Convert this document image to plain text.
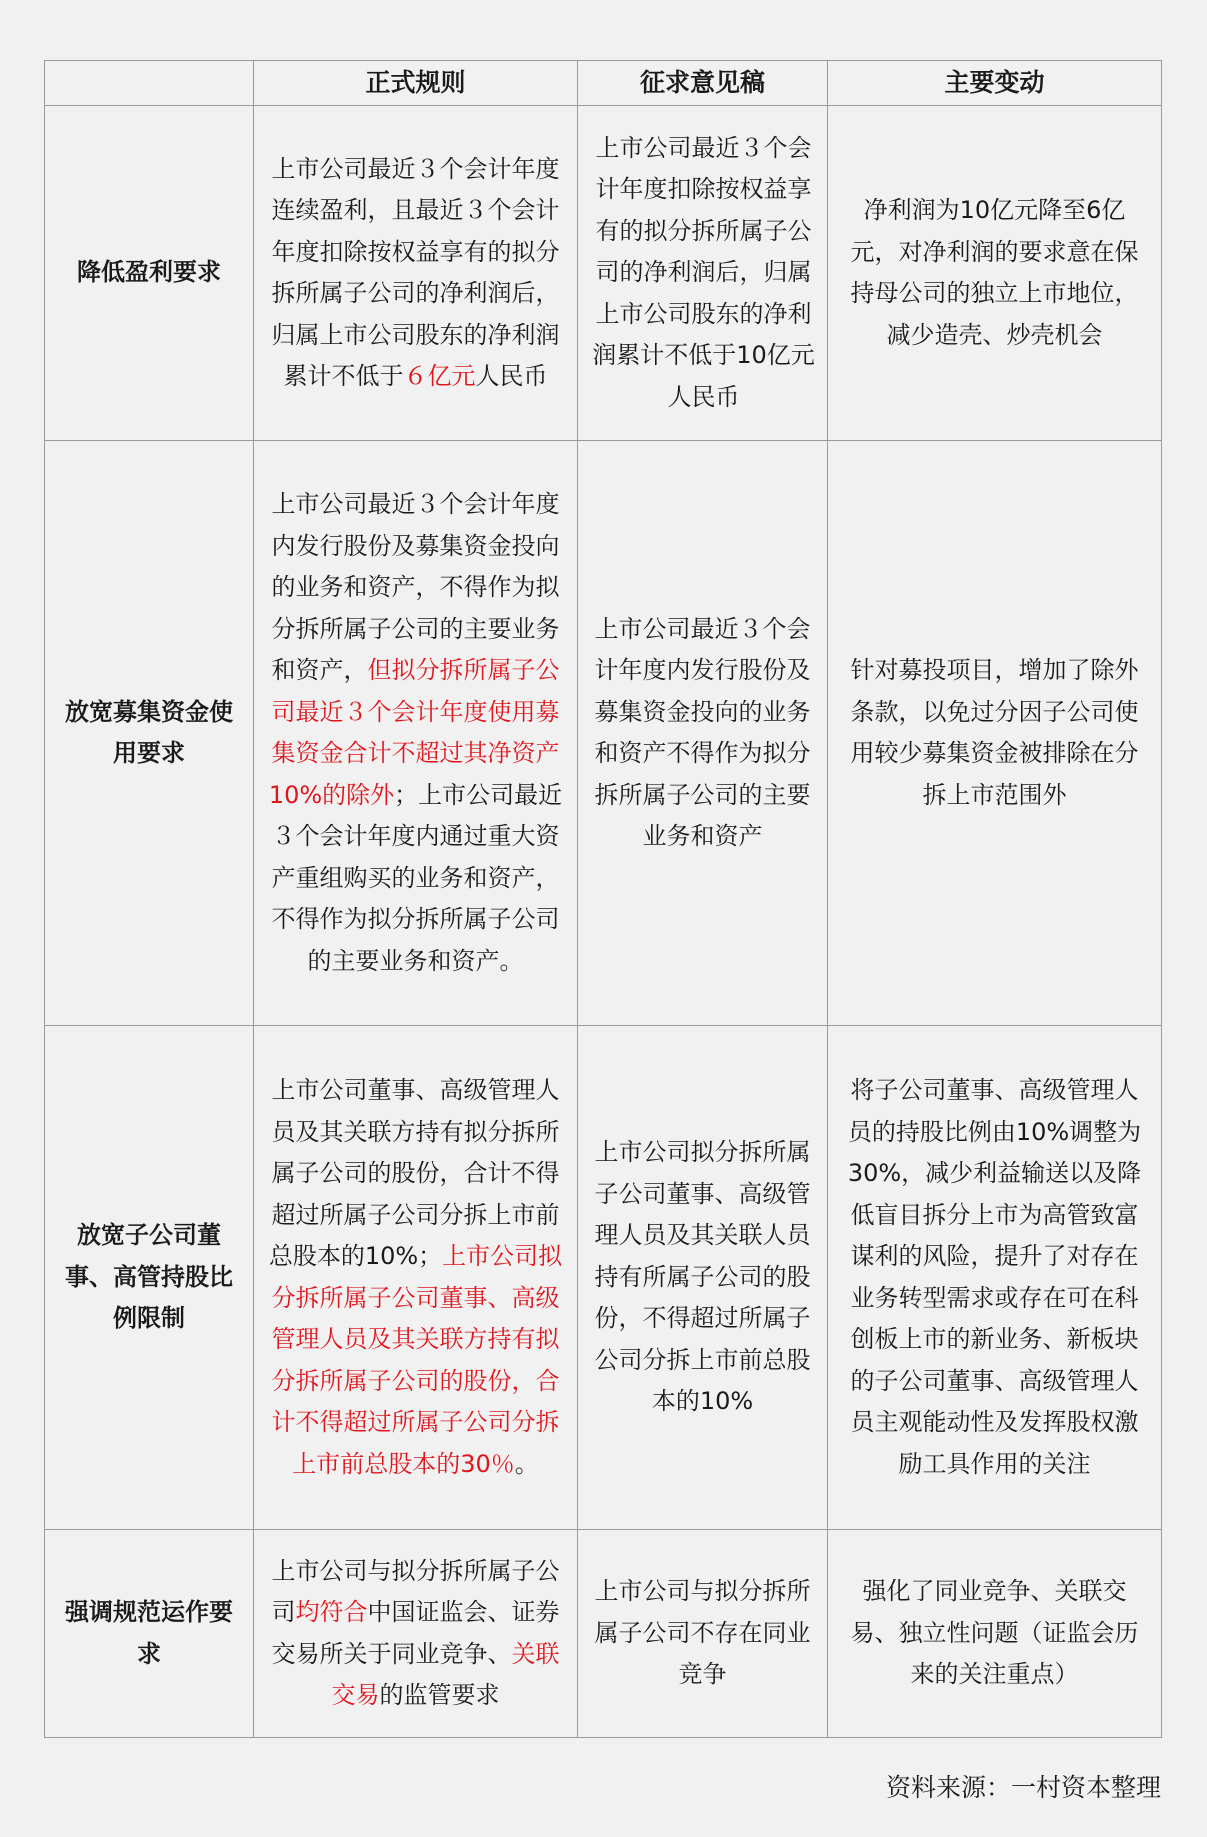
	正式规则	征求意见稿	主要变动
降低盈利要求	上市公司最近３个会计年度连续盈利，且最近３个会计年度扣除按权益享有的拟分拆所属子公司的净利润后，归属上市公司股东的净利润累计不低于６亿元人民币	上市公司最近３个会计年度扣除按权益享有的拟分拆所属子公司的净利润后，归属上市公司股东的净利润累计不低于10亿元人民币	净利润为10亿元降至6亿元，对净利润的要求意在保持母公司的独立上市地位，减少造壳、炒壳机会
放宽募集资金使用要求	上市公司最近３个会计年度内发行股份及募集资金投向的业务和资产，不得作为拟分拆所属子公司的主要业务和资产，但拟分拆所属子公司最近３个会计年度使用募集资金合计不超过其净资产10%的除外；上市公司最近３个会计年度内通过重大资产重组购买的业务和资产，不得作为拟分拆所属子公司的主要业务和资产。	上市公司最近３个会计年度内发行股份及募集资金投向的业务和资产不得作为拟分拆所属子公司的主要业务和资产	针对募投项目，增加了除外条款，以免过分因子公司使用较少募集资金被排除在分拆上市范围外
放宽子公司董事、高管持股比例限制	上市公司董事、高级管理人员及其关联方持有拟分拆所属子公司的股份，合计不得超过所属子公司分拆上市前总股本的10%；上市公司拟分拆所属子公司董事、高级管理人员及其关联方持有拟分拆所属子公司的股份，合计不得超过所属子公司分拆上市前总股本的30％。	上市公司拟分拆所属子公司董事、高级管理人员及其关联人员持有所属子公司的股份，不得超过所属子公司分拆上市前总股本的10%	将子公司董事、高级管理人员的持股比例由10%调整为30%，减少利益输送以及降低盲目拆分上市为高管致富谋利的风险，提升了对存在业务转型需求或存在可在科创板上市的新业务、新板块的子公司董事、高级管理人员主观能动性及发挥股权激励工具作用的关注
强调规范运作要求	上市公司与拟分拆所属子公司均符合中国证监会、证券交易所关于同业竞争、关联交易的监管要求	上市公司与拟分拆所属子公司不存在同业竞争	强化了同业竞争、关联交易、独立性问题（证监会历来的关注重点）
资料来源：一村资本整理
